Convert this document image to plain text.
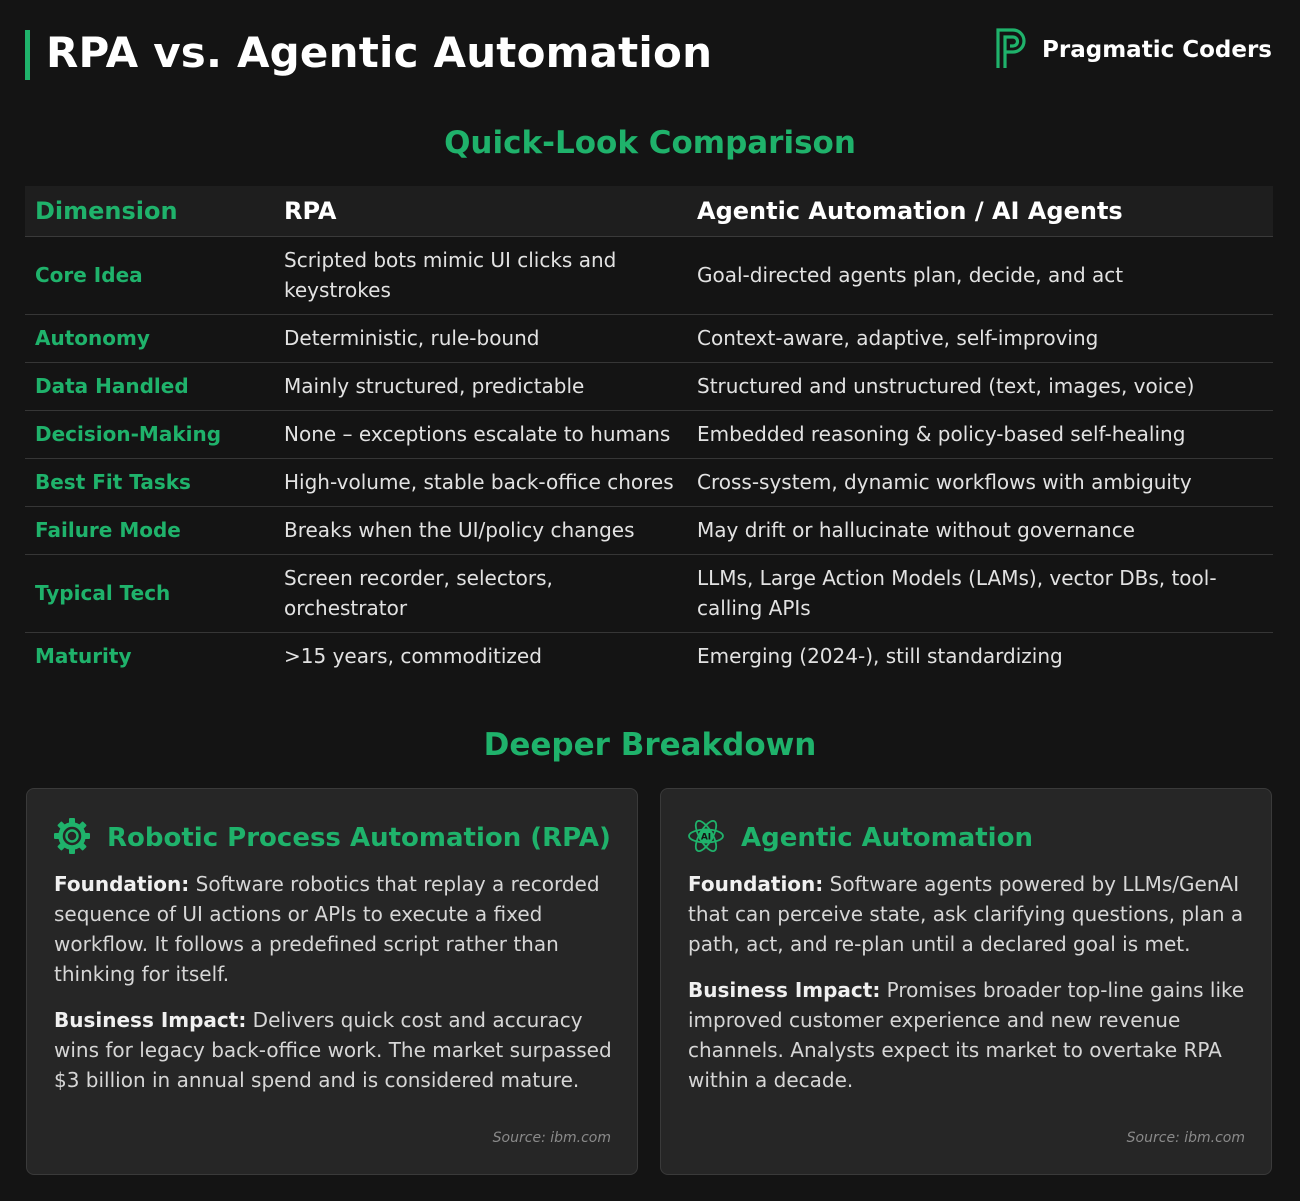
RPA vs. Agentic Automation	Pragmatic Coders
Quick-Look Comparison
Dimension	RPA	Agentic Automation / AI Agents
Core Idea	Scripted bots mimic UI clicks and keystrokes	Goal-directed agents plan, decide, and act
Autonomy	Deterministic, rule-bound	Context-aware, adaptive, self-improving
Data Handled	Mainly structured, predictable	Structured and unstructured (text, images, voice)
Decision-Making	None – exceptions escalate to humans	Embedded reasoning & policy-based self-healing
Best Fit Tasks	High-volume, stable back-office chores	Cross-system, dynamic workflows with ambiguity
Failure Mode	Breaks when the UI/policy changes	May drift or hallucinate without governance
Typical Tech	Screen recorder, selectors, orchestrator	LLMs, Large Action Models (LAMs), vector DBs, tool-calling APIs
Maturity	>15 years, commoditized	Emerging (2024-), still standardizing
Deeper Breakdown
Robotic Process Automation (RPA)

Foundation: Software robotics that replay a recorded sequence of UI actions or APIs to execute a fixed workflow. It follows a predefined script rather than thinking for itself.

Business Impact: Delivers quick cost and accuracy wins for legacy back-office work. The market surpassed $3 billion in annual spend and is considered mature.

Source: ibm.com
AI Agentic Automation

Foundation: Software agents powered by LLMs/GenAI that can perceive state, ask clarifying questions, plan a path, act, and re-plan until a declared goal is met.

Business Impact: Promises broader top-line gains like improved customer experience and new revenue channels. Analysts expect its market to overtake RPA within a decade.

Source: ibm.com
